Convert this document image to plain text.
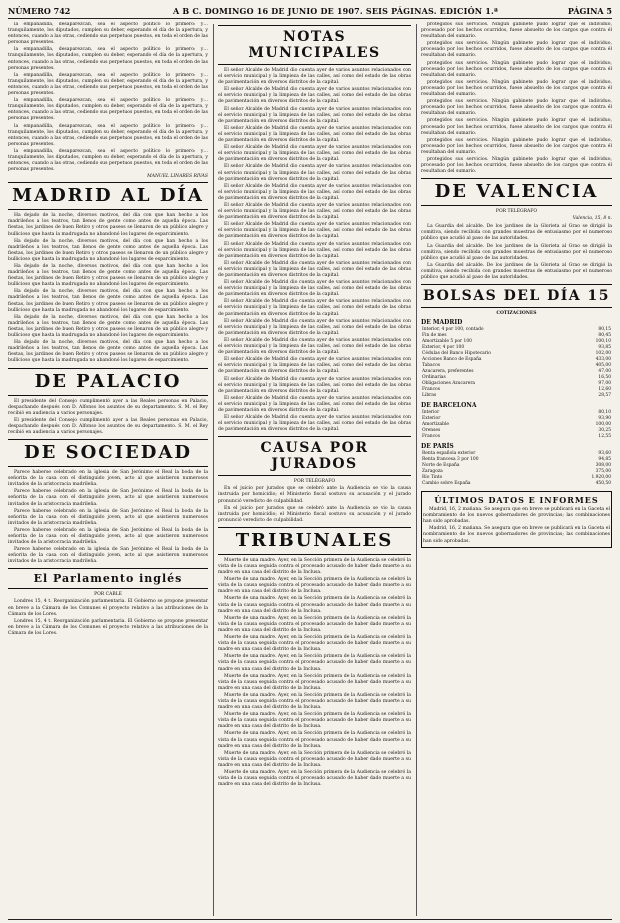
NÚMERO 742	A B C. DOMINGO 16 DE JUNIO DE 1907. SEIS PÁGINAS. EDICIÓN 1.ª	PÁGINA 5

la empanadilla, desaparezcan, sea el aspecto político lo primero: y… tranquilamente, los diputados, cumplen su deber, esperando el día de la apertura, y entonces, cuando a las otras, cediendo sus perpetuos puestos, en toda el orden de las personas presentes.

la empanadilla, desaparezcan, sea el aspecto político lo primero: y… tranquilamente, los diputados, cumplen su deber, esperando el día de la apertura, y entonces, cuando a las otras, cediendo sus perpetuos puestos, en toda el orden de las personas presentes.

la empanadilla, desaparezcan, sea el aspecto político lo primero: y… tranquilamente, los diputados, cumplen su deber, esperando el día de la apertura, y entonces, cuando a las otras, cediendo sus perpetuos puestos, en toda el orden de las personas presentes.

la empanadilla, desaparezcan, sea el aspecto político lo primero: y… tranquilamente, los diputados, cumplen su deber, esperando el día de la apertura, y entonces, cuando a las otras, cediendo sus perpetuos puestos, en toda el orden de las personas presentes.

la empanadilla, desaparezcan, sea el aspecto político lo primero: y… tranquilamente, los diputados, cumplen su deber, esperando el día de la apertura, y entonces, cuando a las otras, cediendo sus perpetuos puestos, en toda el orden de las personas presentes.

la empanadilla, desaparezcan, sea el aspecto político lo primero: y… tranquilamente, los diputados, cumplen su deber, esperando el día de la apertura, y entonces, cuando a las otras, cediendo sus perpetuos puestos, en toda el orden de las personas presentes.

MANUEL LINARES RIVAS
MADRID AL DÍA

Ha dejado de la noche, diversos motivos, del día con que han hecho a los madrileños a los teatros, tan llenos de gente como antes de aquella época. Las fiestas, los jardines de buen Retiro y otros paseos se llenaron de un público alegre y bullicioso que hasta la madrugada no abandonó los lugares de esparcimiento.

Ha dejado de la noche, diversos motivos, del día con que han hecho a los madrileños a los teatros, tan llenos de gente como antes de aquella época. Las fiestas, los jardines de buen Retiro y otros paseos se llenaron de un público alegre y bullicioso que hasta la madrugada no abandonó los lugares de esparcimiento.

Ha dejado de la noche, diversos motivos, del día con que han hecho a los madrileños a los teatros, tan llenos de gente como antes de aquella época. Las fiestas, los jardines de buen Retiro y otros paseos se llenaron de un público alegre y bullicioso que hasta la madrugada no abandonó los lugares de esparcimiento.

Ha dejado de la noche, diversos motivos, del día con que han hecho a los madrileños a los teatros, tan llenos de gente como antes de aquella época. Las fiestas, los jardines de buen Retiro y otros paseos se llenaron de un público alegre y bullicioso que hasta la madrugada no abandonó los lugares de esparcimiento.

Ha dejado de la noche, diversos motivos, del día con que han hecho a los madrileños a los teatros, tan llenos de gente como antes de aquella época. Las fiestas, los jardines de buen Retiro y otros paseos se llenaron de un público alegre y bullicioso que hasta la madrugada no abandonó los lugares de esparcimiento.

Ha dejado de la noche, diversos motivos, del día con que han hecho a los madrileños a los teatros, tan llenos de gente como antes de aquella época. Las fiestas, los jardines de buen Retiro y otros paseos se llenaron de un público alegre y bullicioso que hasta la madrugada no abandonó los lugares de esparcimiento.

DE PALACIO

El presidente del Consejo cumplimentó ayer a las Reales personas en Palacio, despachando después con D. Alfonso los asuntos de su departamento. S. M. el Rey recibió en audiencia a varios personajes.

El presidente del Consejo cumplimentó ayer a las Reales personas en Palacio, despachando después con D. Alfonso los asuntos de su departamento. S. M. el Rey recibió en audiencia a varios personajes.

DE SOCIEDAD

Parece haberse celebrado en la iglesia de San Jerónimo el Real la boda de la señorita de la casa con el distinguido joven, acto al que asistieron numerosos invitados de la aristocracia madrileña.

Parece haberse celebrado en la iglesia de San Jerónimo el Real la boda de la señorita de la casa con el distinguido joven, acto al que asistieron numerosos invitados de la aristocracia madrileña.

Parece haberse celebrado en la iglesia de San Jerónimo el Real la boda de la señorita de la casa con el distinguido joven, acto al que asistieron numerosos invitados de la aristocracia madrileña.

Parece haberse celebrado en la iglesia de San Jerónimo el Real la boda de la señorita de la casa con el distinguido joven, acto al que asistieron numerosos invitados de la aristocracia madrileña.

Parece haberse celebrado en la iglesia de San Jerónimo el Real la boda de la señorita de la casa con el distinguido joven, acto al que asistieron numerosos invitados de la aristocracia madrileña.

El Parlamento inglés
POR CABLE

Londres 15, 4 t. Reorganización parlamentaria. El Gobierno se propone presentar en breve a la Cámara de los Comunes el proyecto relativo a las atribuciones de la Cámara de los Lores.

Londres 15, 4 t. Reorganización parlamentaria. El Gobierno se propone presentar en breve a la Cámara de los Comunes el proyecto relativo a las atribuciones de la Cámara de los Lores.

NOTAS MUNICIPALES

El señor Alcalde de Madrid dio cuenta ayer de varios asuntos relacionados con el servicio municipal y la limpieza de las calles, así como del estado de las obras de pavimentación en diversos distritos de la capital.

El señor Alcalde de Madrid dio cuenta ayer de varios asuntos relacionados con el servicio municipal y la limpieza de las calles, así como del estado de las obras de pavimentación en diversos distritos de la capital.

El señor Alcalde de Madrid dio cuenta ayer de varios asuntos relacionados con el servicio municipal y la limpieza de las calles, así como del estado de las obras de pavimentación en diversos distritos de la capital.

El señor Alcalde de Madrid dio cuenta ayer de varios asuntos relacionados con el servicio municipal y la limpieza de las calles, así como del estado de las obras de pavimentación en diversos distritos de la capital.

El señor Alcalde de Madrid dio cuenta ayer de varios asuntos relacionados con el servicio municipal y la limpieza de las calles, así como del estado de las obras de pavimentación en diversos distritos de la capital.

El señor Alcalde de Madrid dio cuenta ayer de varios asuntos relacionados con el servicio municipal y la limpieza de las calles, así como del estado de las obras de pavimentación en diversos distritos de la capital.

El señor Alcalde de Madrid dio cuenta ayer de varios asuntos relacionados con el servicio municipal y la limpieza de las calles, así como del estado de las obras de pavimentación en diversos distritos de la capital.

El señor Alcalde de Madrid dio cuenta ayer de varios asuntos relacionados con el servicio municipal y la limpieza de las calles, así como del estado de las obras de pavimentación en diversos distritos de la capital.

El señor Alcalde de Madrid dio cuenta ayer de varios asuntos relacionados con el servicio municipal y la limpieza de las calles, así como del estado de las obras de pavimentación en diversos distritos de la capital.

El señor Alcalde de Madrid dio cuenta ayer de varios asuntos relacionados con el servicio municipal y la limpieza de las calles, así como del estado de las obras de pavimentación en diversos distritos de la capital.

El señor Alcalde de Madrid dio cuenta ayer de varios asuntos relacionados con el servicio municipal y la limpieza de las calles, así como del estado de las obras de pavimentación en diversos distritos de la capital.

El señor Alcalde de Madrid dio cuenta ayer de varios asuntos relacionados con el servicio municipal y la limpieza de las calles, así como del estado de las obras de pavimentación en diversos distritos de la capital.

El señor Alcalde de Madrid dio cuenta ayer de varios asuntos relacionados con el servicio municipal y la limpieza de las calles, así como del estado de las obras de pavimentación en diversos distritos de la capital.

El señor Alcalde de Madrid dio cuenta ayer de varios asuntos relacionados con el servicio municipal y la limpieza de las calles, así como del estado de las obras de pavimentación en diversos distritos de la capital.

El señor Alcalde de Madrid dio cuenta ayer de varios asuntos relacionados con el servicio municipal y la limpieza de las calles, así como del estado de las obras de pavimentación en diversos distritos de la capital.

El señor Alcalde de Madrid dio cuenta ayer de varios asuntos relacionados con el servicio municipal y la limpieza de las calles, así como del estado de las obras de pavimentación en diversos distritos de la capital.

El señor Alcalde de Madrid dio cuenta ayer de varios asuntos relacionados con el servicio municipal y la limpieza de las calles, así como del estado de las obras de pavimentación en diversos distritos de la capital.

El señor Alcalde de Madrid dio cuenta ayer de varios asuntos relacionados con el servicio municipal y la limpieza de las calles, así como del estado de las obras de pavimentación en diversos distritos de la capital.

El señor Alcalde de Madrid dio cuenta ayer de varios asuntos relacionados con el servicio municipal y la limpieza de las calles, así como del estado de las obras de pavimentación en diversos distritos de la capital.

CAUSA POR JURADOS
POR TELÉGRAFO

En el juicio por jurados que se celebró ante la Audiencia se vio la causa instruida por homicidio; el Ministerio fiscal sostuvo su acusación y el jurado pronunció veredicto de culpabilidad.

En el juicio por jurados que se celebró ante la Audiencia se vio la causa instruida por homicidio; el Ministerio fiscal sostuvo su acusación y el jurado pronunció veredicto de culpabilidad.

TRIBUNALES

Muerte de una madre. Ayer, en la Sección primera de la Audiencia se celebró la vista de la causa seguida contra el procesado acusado de haber dado muerte a su madre en una casa del distrito de la Inclusa.

Muerte de una madre. Ayer, en la Sección primera de la Audiencia se celebró la vista de la causa seguida contra el procesado acusado de haber dado muerte a su madre en una casa del distrito de la Inclusa.

Muerte de una madre. Ayer, en la Sección primera de la Audiencia se celebró la vista de la causa seguida contra el procesado acusado de haber dado muerte a su madre en una casa del distrito de la Inclusa.

Muerte de una madre. Ayer, en la Sección primera de la Audiencia se celebró la vista de la causa seguida contra el procesado acusado de haber dado muerte a su madre en una casa del distrito de la Inclusa.

Muerte de una madre. Ayer, en la Sección primera de la Audiencia se celebró la vista de la causa seguida contra el procesado acusado de haber dado muerte a su madre en una casa del distrito de la Inclusa.

Muerte de una madre. Ayer, en la Sección primera de la Audiencia se celebró la vista de la causa seguida contra el procesado acusado de haber dado muerte a su madre en una casa del distrito de la Inclusa.

Muerte de una madre. Ayer, en la Sección primera de la Audiencia se celebró la vista de la causa seguida contra el procesado acusado de haber dado muerte a su madre en una casa del distrito de la Inclusa.

Muerte de una madre. Ayer, en la Sección primera de la Audiencia se celebró la vista de la causa seguida contra el procesado acusado de haber dado muerte a su madre en una casa del distrito de la Inclusa.

Muerte de una madre. Ayer, en la Sección primera de la Audiencia se celebró la vista de la causa seguida contra el procesado acusado de haber dado muerte a su madre en una casa del distrito de la Inclusa.

Muerte de una madre. Ayer, en la Sección primera de la Audiencia se celebró la vista de la causa seguida contra el procesado acusado de haber dado muerte a su madre en una casa del distrito de la Inclusa.

Muerte de una madre. Ayer, en la Sección primera de la Audiencia se celebró la vista de la causa seguida contra el procesado acusado de haber dado muerte a su madre en una casa del distrito de la Inclusa.

Muerte de una madre. Ayer, en la Sección primera de la Audiencia se celebró la vista de la causa seguida contra el procesado acusado de haber dado muerte a su madre en una casa del distrito de la Inclusa.

protegidos sus servicios. Ningún gabinete pudo lograr que el individuo, procesado por los hechos ocurridos, fuese absuelto de los cargos que contra él resultaban del sumario.

protegidos sus servicios. Ningún gabinete pudo lograr que el individuo, procesado por los hechos ocurridos, fuese absuelto de los cargos que contra él resultaban del sumario.

protegidos sus servicios. Ningún gabinete pudo lograr que el individuo, procesado por los hechos ocurridos, fuese absuelto de los cargos que contra él resultaban del sumario.

protegidos sus servicios. Ningún gabinete pudo lograr que el individuo, procesado por los hechos ocurridos, fuese absuelto de los cargos que contra él resultaban del sumario.

protegidos sus servicios. Ningún gabinete pudo lograr que el individuo, procesado por los hechos ocurridos, fuese absuelto de los cargos que contra él resultaban del sumario.

protegidos sus servicios. Ningún gabinete pudo lograr que el individuo, procesado por los hechos ocurridos, fuese absuelto de los cargos que contra él resultaban del sumario.

protegidos sus servicios. Ningún gabinete pudo lograr que el individuo, procesado por los hechos ocurridos, fuese absuelto de los cargos que contra él resultaban del sumario.

protegidos sus servicios. Ningún gabinete pudo lograr que el individuo, procesado por los hechos ocurridos, fuese absuelto de los cargos que contra él resultaban del sumario.

DE VALENCIA
POR TELÉGRAFO
Valencia, 15, 8 n.

La Guardia del alcalde. De los jardines de la Glorieta al Grao se dirigió la comitiva, siendo recibida con grandes muestras de entusiasmo por el numeroso público que acudió al paso de las autoridades.

La Guardia del alcalde. De los jardines de la Glorieta al Grao se dirigió la comitiva, siendo recibida con grandes muestras de entusiasmo por el numeroso público que acudió al paso de las autoridades.

La Guardia del alcalde. De los jardines de la Glorieta al Grao se dirigió la comitiva, siendo recibida con grandes muestras de entusiasmo por el numeroso público que acudió al paso de las autoridades.

BOLSAS DEL DÍA 15
COTIZACIONES
DE MADRID
Interior, 4 por 100, contado	80,15
Fin de mes	80,45
Amortizable 5 por 100	100,10
Exterior, 4 por 100	93,85
Cédulas del Banco Hipotecario	102,00
Acciones Banco de España	433,00
Tabacos	405,00
Azucarera, preferentes	47,00
Ordinarias	16,50
Obligaciones Azucarera	97,00
Francos	12,60
Libras	28,57
DE BARCELONA
Interior	80,10
Exterior	93,90
Amortizable	100,00
Orenses	30,25
Francos	12,55
DE PARÍS
Renta española exterior	93,60
Renta francesa 3 por 100	94,85
Norte de España	308,00
Zaragoza	375,00
Río Tinto	1.920,00
Cambio sobre España	450,50
ÚLTIMOS DATOS E INFORMES

Madrid, 16, 2 mañana. Se asegura que en breve se publicará en la Gaceta el nombramiento de los nuevos gobernadores de provincias; las combinaciones han sido aprobadas.

Madrid, 16, 2 mañana. Se asegura que en breve se publicará en la Gaceta el nombramiento de los nuevos gobernadores de provincias; las combinaciones han sido aprobadas.
